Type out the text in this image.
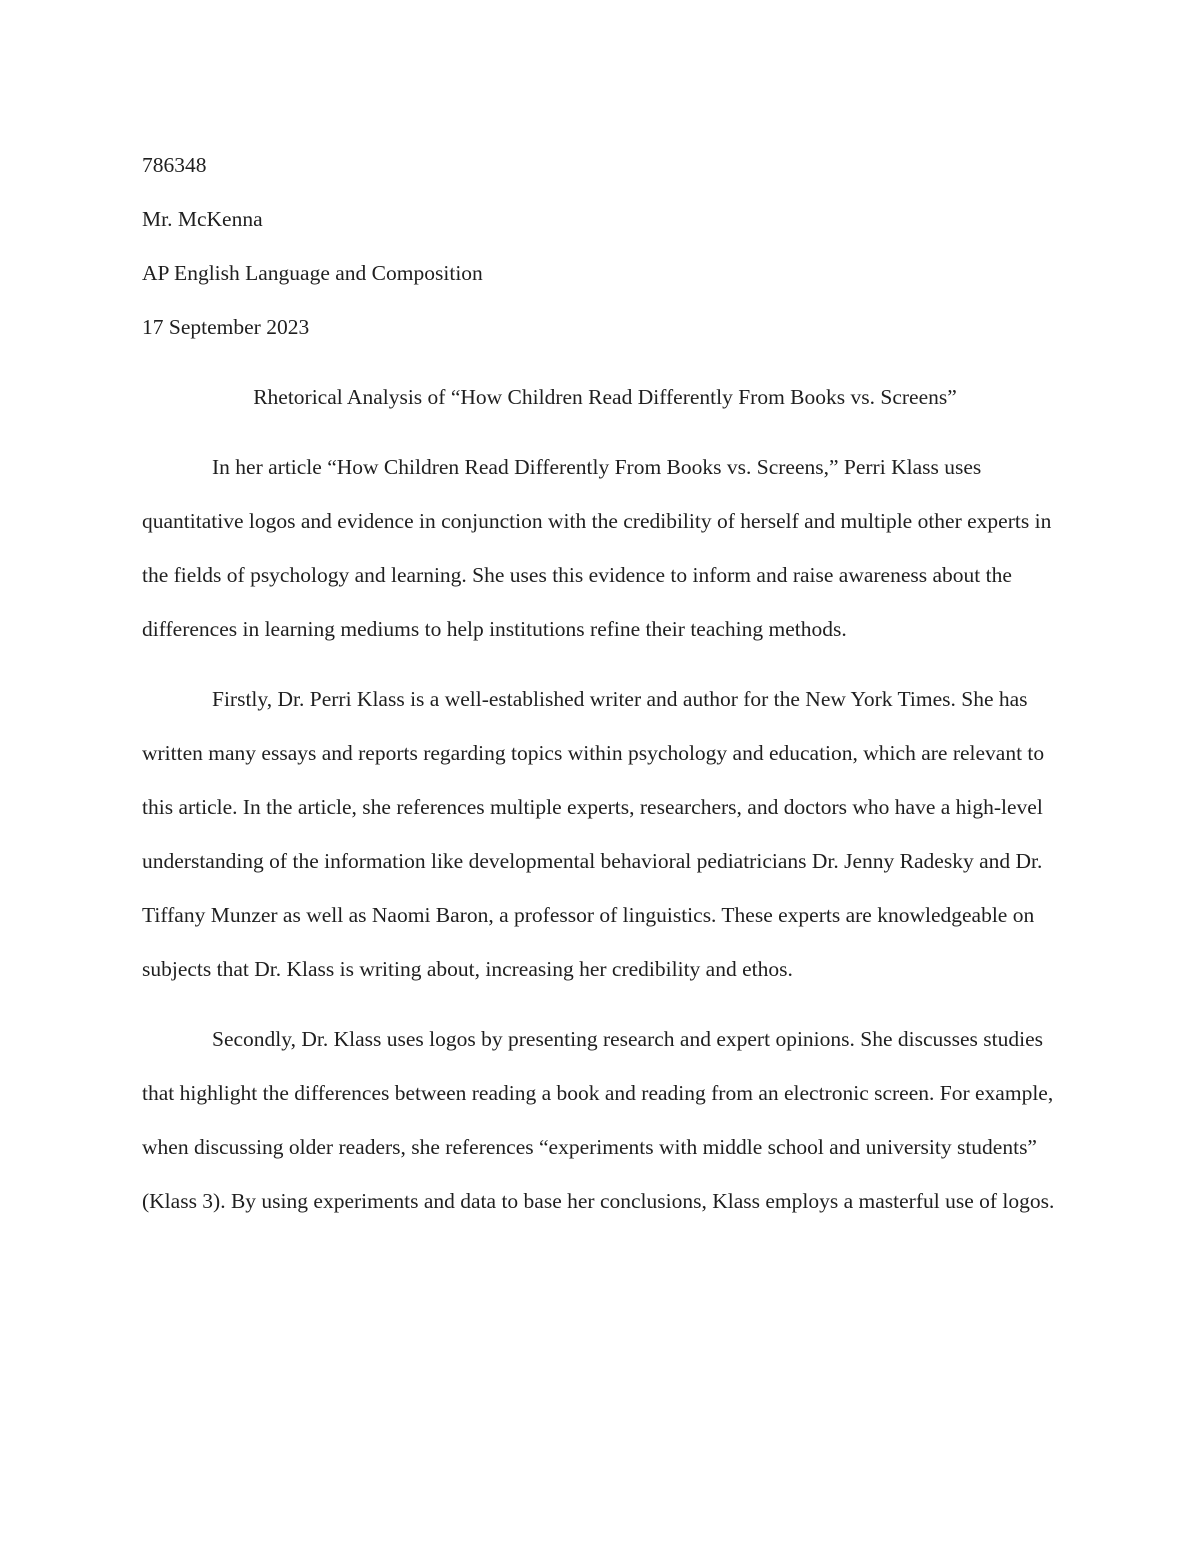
786348

Mr. McKenna

AP English Language and Composition

17 September 2023

Rhetorical Analysis of “How Children Read Differently From Books vs. Screens”

In her article “How Children Read Differently From Books vs. Screens,” Perri Klass uses quantitative logos and evidence in conjunction with the credibility of herself and multiple other experts in the fields of psychology and learning. She uses this evidence to inform and raise awareness about the differences in learning mediums to help institutions refine their teaching methods.

Firstly, Dr. Perri Klass is a well-established writer and author for the New York Times. She has written many essays and reports regarding topics within psychology and education, which are relevant to this article. In the article, she references multiple experts, researchers, and doctors who have a high-level understanding of the information like developmental behavioral pediatricians Dr. Jenny Radesky and Dr. Tiffany Munzer as well as Naomi Baron, a professor of linguistics. These experts are knowledgeable on subjects that Dr. Klass is writing about, increasing her credibility and ethos.

Secondly, Dr. Klass uses logos by presenting research and expert opinions. She discusses studies that highlight the differences between reading a book and reading from an electronic screen. For example, when discussing older readers, she references “experiments with middle school and university students” (Klass 3). By using experiments and data to base her conclusions, Klass employs a masterful use of logos.
